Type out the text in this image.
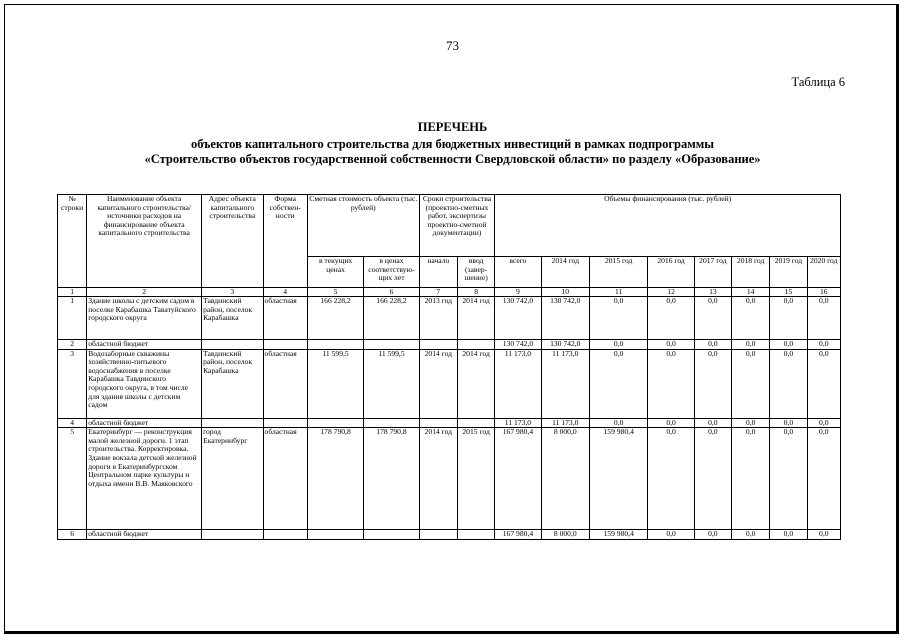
73
Таблица 6
ПЕРЕЧЕНЬ
объектов капитального строительства для бюджетных инвестиций в рамках подпрограммы
«Строительство объектов государственной собственности Свердловской области» по разделу «Образование»
№ строки	Наименование объекта капитального строительства/ источники расходов на финансирование объекта капитального строительства	Адрес объекта капитального строительства	Форма собствен-ности	Сметная стоимость объекта (тыс. рублей)		Сроки строительства (проектно-сметных работ, экспертизы проектно-сметной документации)		Объемы финансирования (тыс. рублей)							
				в текущих ценах	в ценах соответствую-щих лет	начало	ввод (завер-шение)	всего	2014 год	2015 год	2016 год	2017 год	2018 год	2019 год	2020 год
1	2	3	4	5	6	7	8	9	10	11	12	13	14	15	16
1	Здание школы с детским садом в поселке Карабашка Таватуйского городского округа	Тавдинский район, поселок Карабашка	областная	166 228,2	166 228,2	2013 год	2014 год	130 742,0	130 742,0	0,0	0,0	0,0	0,0	0,0	0,0
2	областной бюджет							130 742,0	130 742,0	0,0	0,0	0,0	0,0	0,0	0,0
3	Водозаборные скважины хозяйственно-питьевого водоснабжения в поселке Карабашка Тавдинского городского округа, в том числе для здания школы с детским садом	Тавдинский район, поселок Карабашка	областная	11 599,5	11 599,5	2014 год	2014 год	11 173,0	11 173,0	0,0	0,0	0,0	0,0	0,0	0,0
4	областной бюджет							11 173,0	11 173,0	0,0	0,0	0,0	0,0	0,0	0,0
5	Екатеринбург — реконструкция малой железной дороги. 1 этап строительства. Корректировка. Здание вокзала детской железной дороги в Екатеринбургском Центральном парке культуры и отдыха имени В.В. Маяковского	город Екатеринбург	областная	178 790,8	178 790,8	2014 год	2015 год	167 980,4	8 000,0	159 980,4	0,0	0,0	0,0	0,0	0,0
6	областной бюджет							167 980,4	8 000,0	159 980,4	0,0	0,0	0,0	0,0	0,0
